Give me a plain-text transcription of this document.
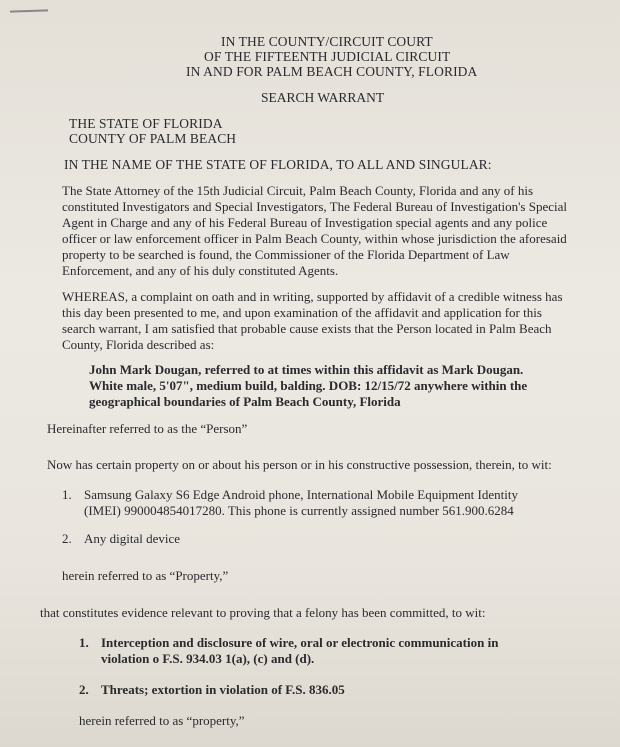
IN THE COUNTY/CIRCUIT COURT

OF THE FIFTEENTH JUDICIAL CIRCUIT

IN AND FOR PALM BEACH COUNTY, FLORIDA

SEARCH WARRANT

THE STATE OF FLORIDA

COUNTY OF PALM BEACH

IN THE NAME OF THE STATE OF FLORIDA, TO ALL AND SINGULAR:

The State Attorney of the 15th Judicial Circuit, Palm Beach County, Florida and any of his

constituted Investigators and Special Investigators, The Federal Bureau of Investigation's Special

Agent in Charge and any of his Federal Bureau of Investigation special agents and any police

officer or law enforcement officer in Palm Beach County, within whose jurisdiction the aforesaid

property to be searched is found, the Commissioner of the Florida Department of Law

Enforcement, and any of his duly constituted Agents.

WHEREAS, a complaint on oath and in writing, supported by affidavit of a credible witness has

this day been presented to me, and upon examination of the affidavit and application for this

search warrant, I am satisfied that probable cause exists that the Person located in Palm Beach

County, Florida described as:

John Mark Dougan, referred to at times within this affidavit as Mark Dougan.

White male, 5'07", medium build, balding. DOB: 12/15/72 anywhere within the

geographical boundaries of Palm Beach County, Florida

Hereinafter referred to as the “Person”

Now has certain property on or about his person or in his constructive possession, therein, to wit:

1. Samsung Galaxy S6 Edge Android phone, International Mobile Equipment Identity

(IMEI) 990004854017280. This phone is currently assigned number 561.900.6284

2. Any digital device

herein referred to as “Property,”

that constitutes evidence relevant to proving that a felony has been committed, to wit:

1. Interception and disclosure of wire, oral or electronic communication in

violation o F.S. 934.03 1(a), (c) and (d).

2. Threats; extortion in violation of F.S. 836.05

herein referred to as “property,”
